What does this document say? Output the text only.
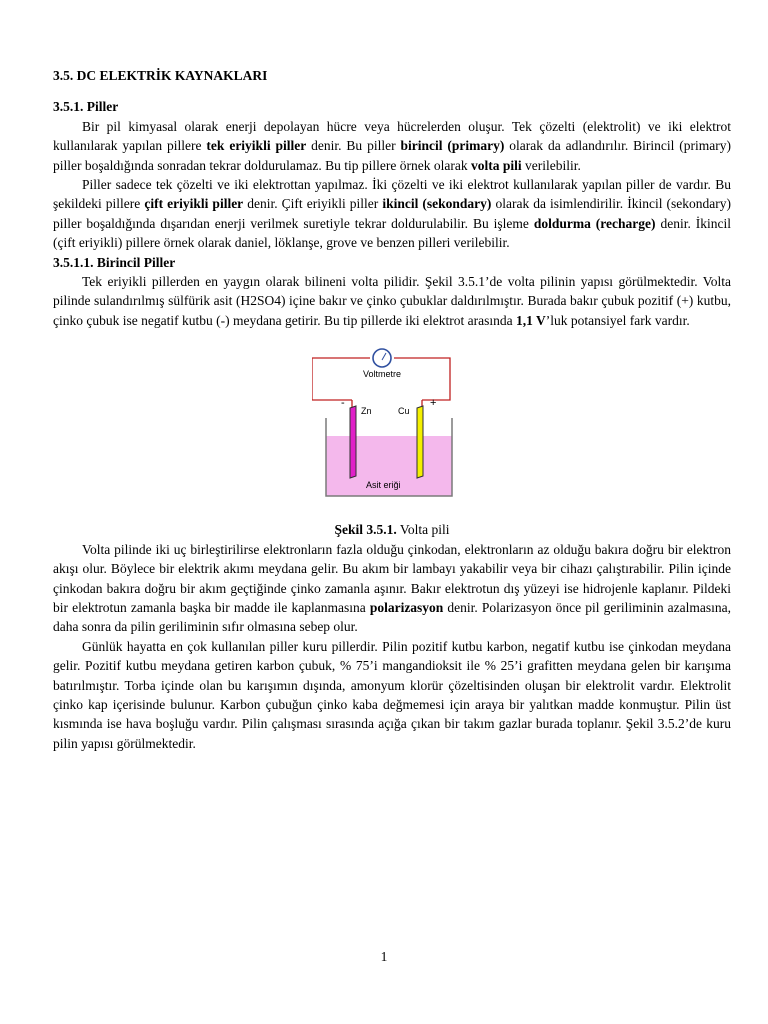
3.5. DC ELEKTRİK KAYNAKLARI
3.5.1. Piller

Bir pil kimyasal olarak enerji depolayan hücre veya hücrelerden oluşur. Tek çözelti (elektrolit) ve iki elektrot kullanılarak yapılan pillere tek eriyikli piller denir. Bu piller birincil (primary) olarak da adlandırılır. Birincil (primary) piller boşaldığında sonradan tekrar doldurulamaz. Bu tip pillere örnek olarak volta pili verilebilir.

Piller sadece tek çözelti ve iki elektrottan yapılmaz. İki çözelti ve iki elektrot kullanılarak yapılan piller de vardır. Bu şekildeki pillere çift eriyikli piller denir. Çift eriyikli piller ikincil (sekondary) olarak da isimlendirilir. İkincil (sekondary) piller boşaldığında dışarıdan enerji verilmek suretiyle tekrar doldurulabilir. Bu işleme doldurma (recharge) denir. İkincil (çift eriyikli) pillere örnek olarak daniel, löklanşe, grove ve benzen pilleri verilebilir.

3.5.1.1. Birincil Piller

Tek eriyikli pillerden en yaygın olarak bilineni volta pilidir. Şekil 3.5.1’de volta pilinin yapısı görülmektedir. Volta pilinde sulandırılmış sülfürik asit (H2SO4) içine bakır ve çinko çubuklar daldırılmıştır. Burada bakır çubuk pozitif (+) kutbu, çinko çubuk ise negatif kutbu (-) meydana getirir. Bu tip pillerde iki elektrot arasında 1,1 V’luk potansiyel fark vardır.

Voltmetre
-	+
Zn	Cu
Asit eriği
Şekil 3.5.1. Volta pili

Volta pilinde iki uç birleştirilirse elektronların fazla olduğu çinkodan, elektronların az olduğu bakıra doğru bir elektron akışı olur. Böylece bir elektrik akımı meydana gelir. Bu akım bir lambayı yakabilir veya bir cihazı çalıştırabilir. Pilin içinde çinkodan bakıra doğru bir akım geçtiğinde çinko zamanla aşınır. Bakır elektrotun dış yüzeyi ise hidrojenle kaplanır. Pildeki bir elektrotun zamanla başka bir madde ile kaplanmasına polarizasyon denir. Polarizasyon önce pil geriliminin azalmasına, daha sonra da pilin geriliminin sıfır olmasına sebep olur.

Günlük hayatta en çok kullanılan piller kuru pillerdir. Pilin pozitif kutbu karbon, negatif kutbu ise çinkodan meydana gelir. Pozitif kutbu meydana getiren karbon çubuk, % 75’i mangandioksit ile % 25’i grafitten meydana gelen bir karışıma batırılmıştır. Torba içinde olan bu karışımın dışında, amonyum klorür çözeltisinden oluşan bir elektrolit vardır. Elektrolit çinko kap içerisinde bulunur. Karbon çubuğun çinko kaba değmemesi için araya bir yalıtkan madde konmuştur. Pilin üst kısmında ise hava boşluğu vardır. Pilin çalışması sırasında açığa çıkan bir takım gazlar burada toplanır. Şekil 3.5.2’de kuru pilin yapısı görülmektedir.

1
